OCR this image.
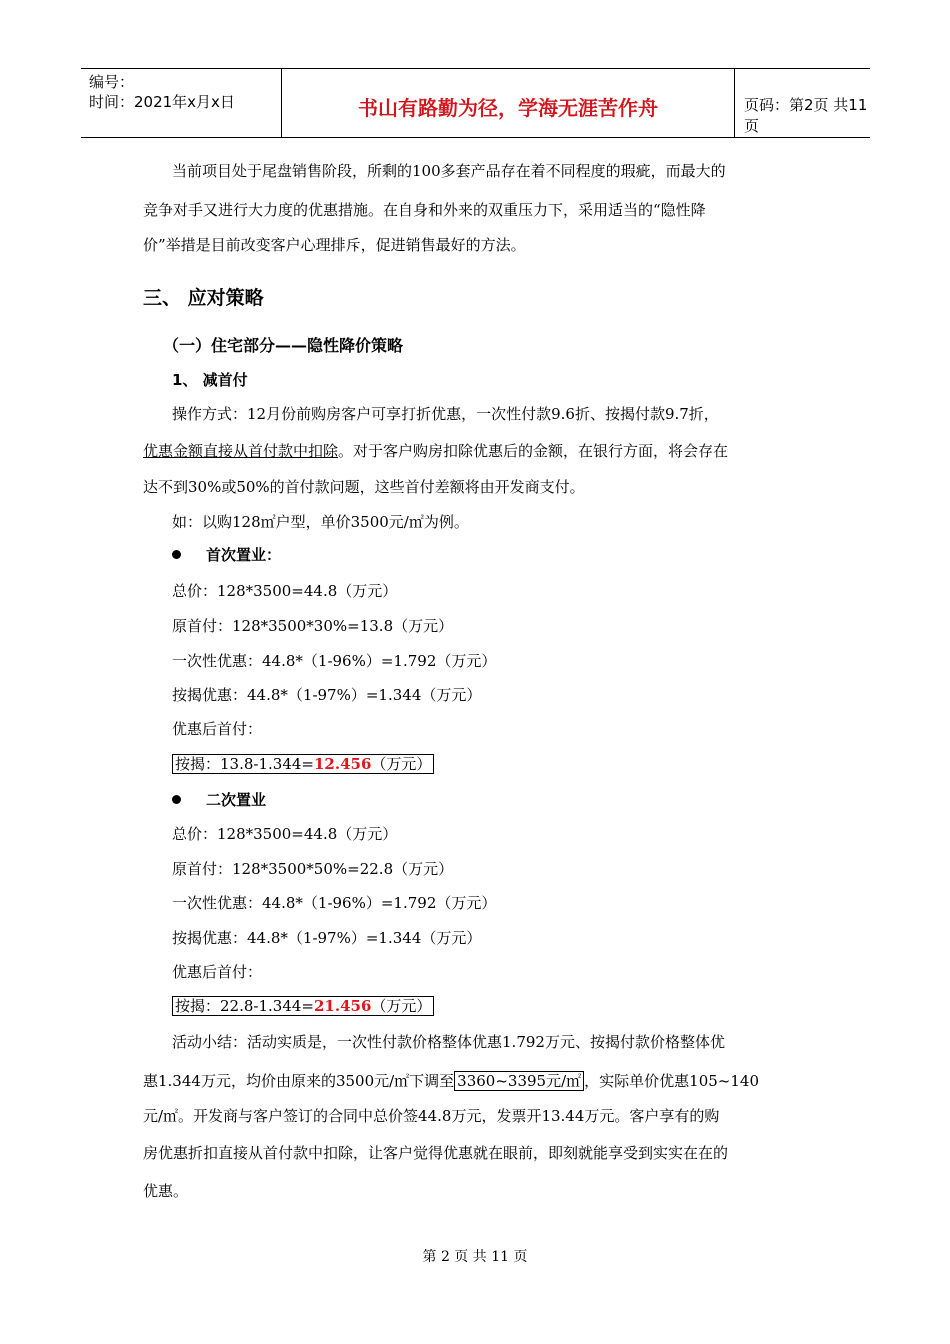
编号：
时间：2021年x月x日	书山有路勤为径，学海无涯苦作舟	页码：第2页 共11页
当前项目处于尾盘销售阶段，所剩的100多套产品存在着不同程度的瑕疵，而最大的
竞争对手又进行大力度的优惠措施。在自身和外来的双重压力下，采用适当的“隐性降
价”举措是目前改变客户心理排斥，促进销售最好的方法。
三、 应对策略
（一）住宅部分——隐性降价策略
1、 减首付
操作方式：12月份前购房客户可享打折优惠，一次性付款9.6折、按揭付款9.7折，
优惠金额直接从首付款中扣除。对于客户购房扣除优惠后的金额，在银行方面，将会存在
达不到30%或50%的首付款问题，这些首付差额将由开发商支付。
如：以购128㎡户型，单价3500元/㎡为例。
首次置业：
总价：128*3500=44.8（万元）
原首付：128*3500*30%=13.8（万元）
一次性优惠：44.8*（1-96%）=1.792（万元）
按揭优惠：44.8*（1-97%）=1.344（万元）
优惠后首付：
按揭：13.8-1.344=12.456（万元）
二次置业
总价：128*3500=44.8（万元）
原首付：128*3500*50%=22.8（万元）
一次性优惠：44.8*（1-96%）=1.792（万元）
按揭优惠：44.8*（1-97%）=1.344（万元）
优惠后首付：
按揭：22.8-1.344=21.456（万元）
活动小结：活动实质是，一次性付款价格整体优惠1.792万元、按揭付款价格整体优
惠1.344万元，均价由原来的3500元/㎡下调至 3360~3395元/㎡ ，实际单价优惠105~140
元/㎡。开发商与客户签订的合同中总价签44.8万元，发票开13.44万元。客户享有的购
房优惠折扣直接从首付款中扣除，让客户觉得优惠就在眼前，即刻就能享受到实实在在的
优惠。
第 2 页 共 11 页
